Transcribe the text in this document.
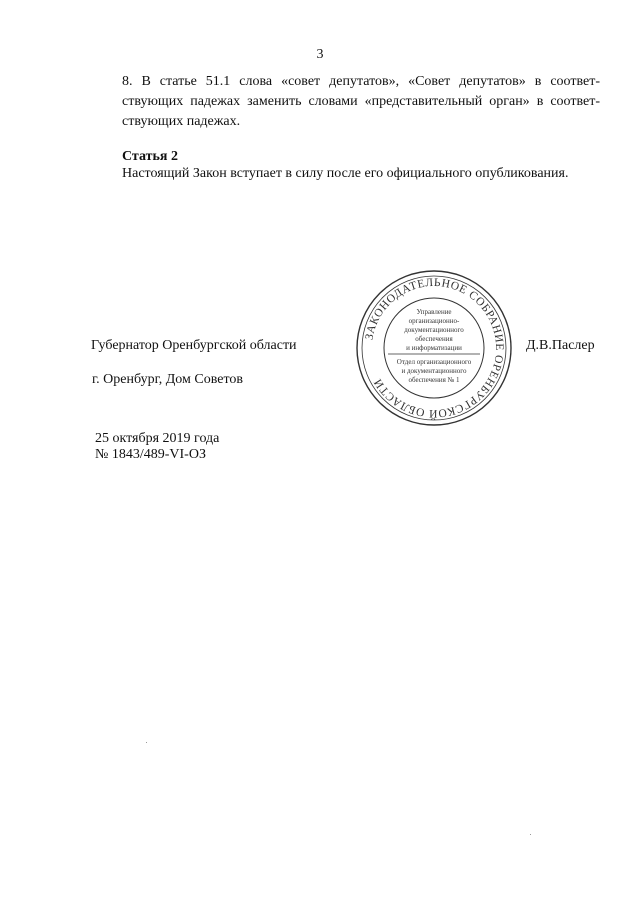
3

8. В статье 51.1 слова «совет депутатов», «Совет депутатов» в соответствующих падежах заменить словами «представительный орган» в соответствующих падежах.

Статья 2
Настоящий Закон вступает в силу после его официального опубликования.
Губернатор Оренбургской области	Д.В.Паслер
г. Оренбург, Дом Советов
25 октября 2019 года
№ 1843/489-VI-ОЗ
ЗАКОНОДАТЕЛЬНОЕ СОБРАНИЕ ОРЕНБУРГСКОЙ ОБЛАСТИ
Управление
организационно-
документационного
обеспечения
и информатизации
Отдел организационного
и документационного
обеспечения № 1
